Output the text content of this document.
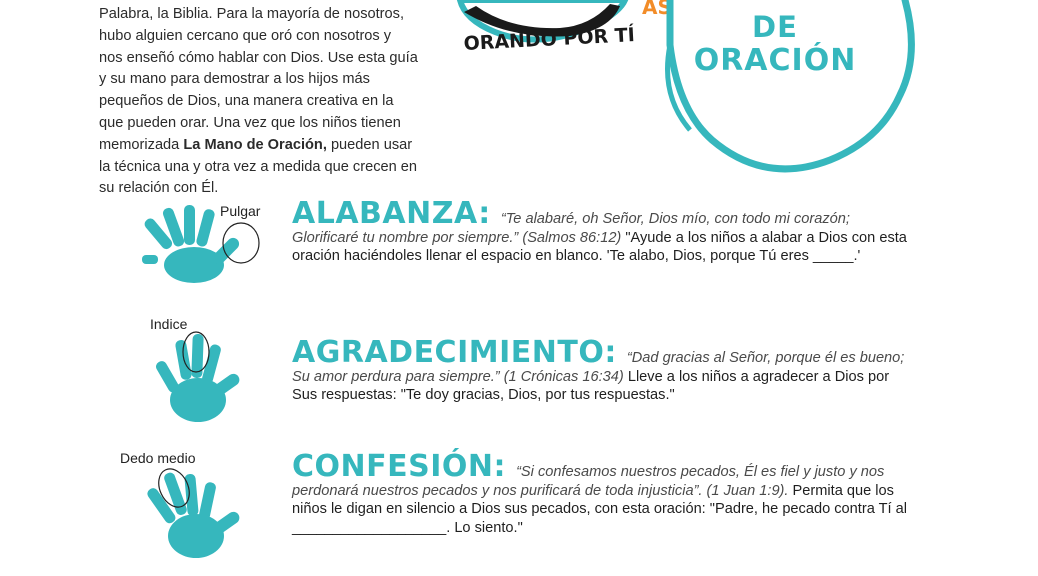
Palabra, la Biblia. Para la mayoría de nosotros,

hubo alguien cercano que oró con nosotros y

nos enseñó cómo hablar con Dios. Use esta guía

y su mano para demostrar a los hijos más

pequeños de Dios, una manera creativa en la

que pueden orar. Una vez que los niños tienen

memorizada La Mano de Oración, pueden usar

la técnica una y otra vez a medida que crecen en

su relación con Él.

AS
ORANDO POR TÍ	DE
ORACIÓN
Pulgar ALABANZA: “Te alabaré, oh Señor, Dios mío, con todo mi corazón; Glorificaré tu nombre por siempre.” (Salmos 86:12) "Ayude a los niños a alabar a Dios con esta oración haciéndoles llenar el espacio en blanco. 'Te alabo, Dios, porque Tú eres _____.'
Indice
AGRADECIMIENTO: “Dad gracias al Señor, porque él es bueno; Su amor perdura para siempre.” (1 Crónicas 16:34) Lleve a los niños a agradecer a Dios por Sus respuestas: "Te doy gracias, Dios, por tus respuestas."
Dedo medio	CONFESIÓN: “Si confesamos nuestros pecados, Él es fiel y justo y nos perdonará nuestros pecados y nos purificará de toda injusticia”. (1 Juan 1:9). Permita que los niños le digan en silencio a Dios sus pecados, con esta oración: "Padre, he pecado contra Tí al ___________________. Lo siento."
